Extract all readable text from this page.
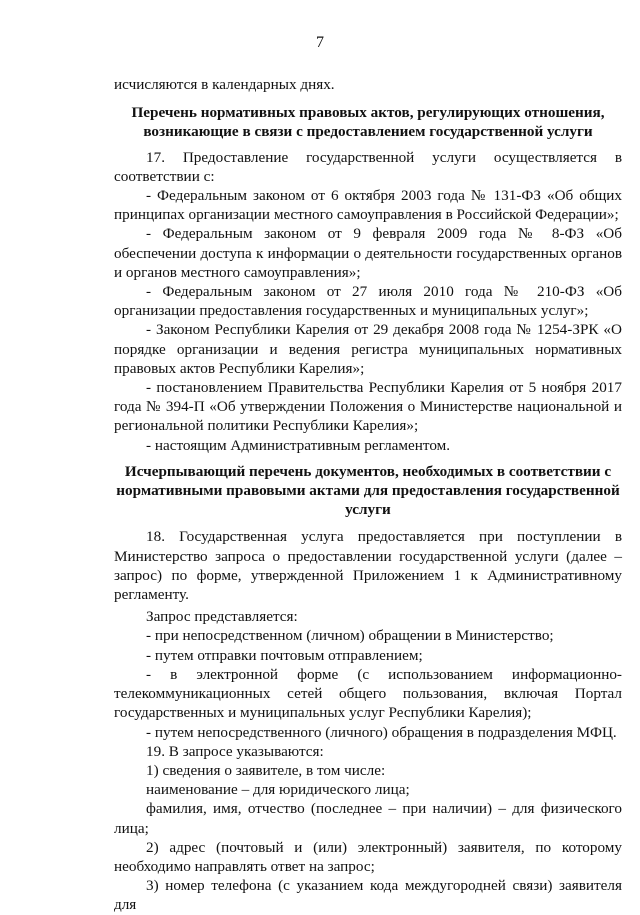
7

исчисляются в календарных днях.

Перечень нормативных правовых актов, регулирующих отношения, возникающие в связи с предоставлением государственной услуги

17. Предоставление государственной услуги осуществляется в соответствии с:

- Федеральным законом от 6 октября 2003 года № 131-ФЗ «Об общих принципах организации местного самоуправления в Российской Федерации»;

- Федеральным законом от 9 февраля 2009 года № 8-ФЗ «Об обеспечении доступа к информации о деятельности государственных органов и органов местного самоуправления»;

- Федеральным законом от 27 июля 2010 года № 210-ФЗ «Об организации предоставления государственных и муниципальных услуг»;

- Законом Республики Карелия от 29 декабря 2008 года № 1254-ЗРК «О порядке организации и ведения регистра муниципальных нормативных правовых актов Республики Карелия»;

- постановлением Правительства Республики Карелия от 5 ноября 2017 года № 394-П «Об утверждении Положения о Министерстве национальной и региональной политики Республики Карелия»;

- настоящим Административным регламентом.

Исчерпывающий перечень документов, необходимых в соответствии с нормативными правовыми актами для предоставления государственной услуги

18. Государственная услуга предоставляется при поступлении в Министерство запроса о предоставлении государственной услуги (далее – запрос) по форме, утвержденной Приложением 1 к Административному регламенту.

Запрос представляется:

- при непосредственном (личном) обращении в Министерство;

- путем отправки почтовым отправлением;

- в электронной форме (с использованием информационно-телекоммуникационных сетей общего пользования, включая Портал государственных и муниципальных услуг Республики Карелия);

- путем непосредственного (личного) обращения в подразделения МФЦ.

19. В запросе указываются:

1) сведения о заявителе, в том числе:

наименование – для юридического лица;

фамилия, имя, отчество (последнее – при наличии) – для физического лица;

2) адрес (почтовый и (или) электронный) заявителя, по которому необходимо направлять ответ на запрос;

3) номер телефона (с указанием кода междугородней связи) заявителя для
